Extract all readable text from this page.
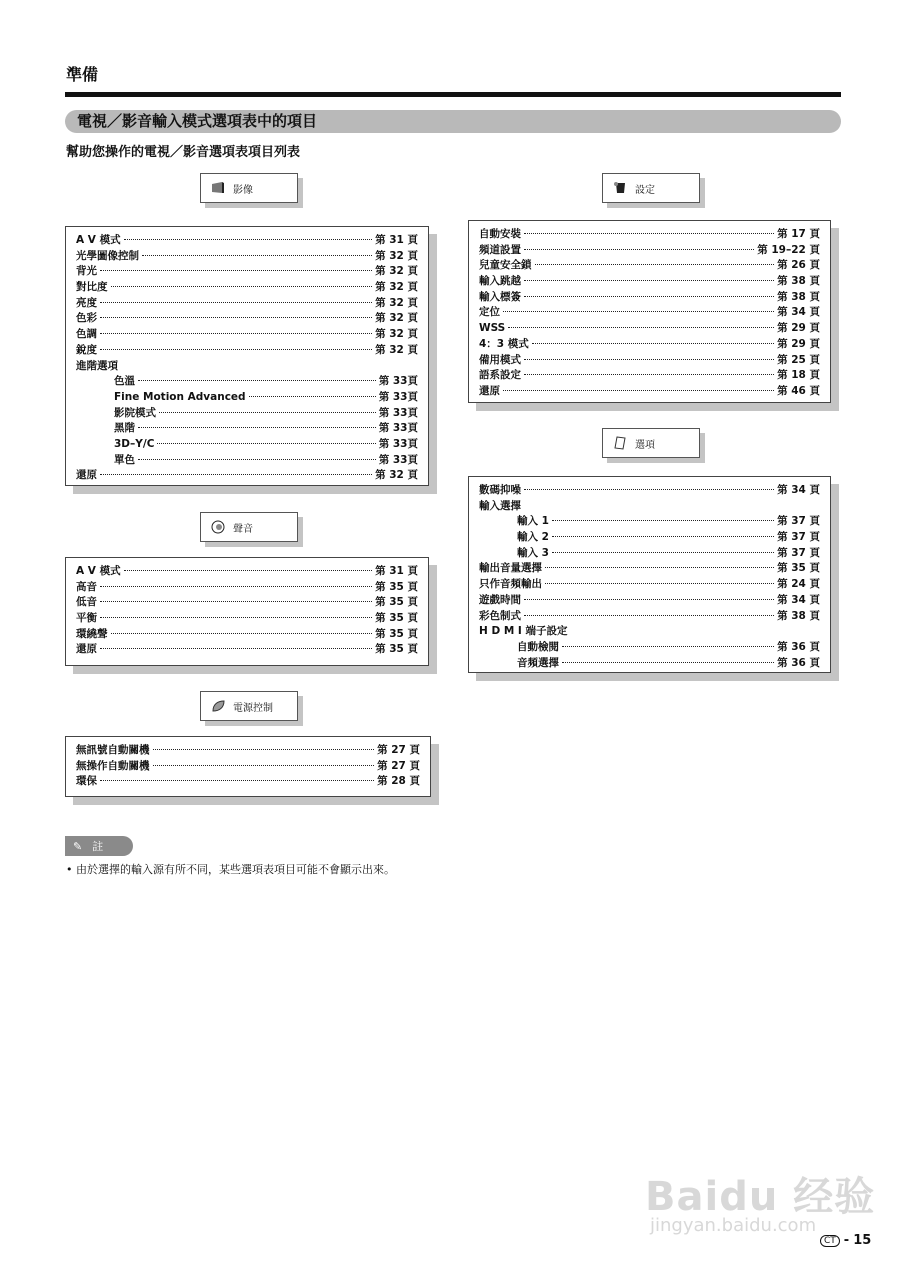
準備
電視／影音輸入模式選項表中的項目
幫助您操作的電視／影音選項表項目列表
影像
A V 模式	第 31 頁
光學圖像控制	第 32 頁
背光	第 32 頁
對比度	第 32 頁
亮度	第 32 頁
色彩	第 32 頁
色調	第 32 頁
銳度	第 32 頁
進階選項
色溫	第 33頁
Fine Motion Advanced	第 33頁
影院模式	第 33頁
黑階	第 33頁
3D–Y/C	第 33頁
單色	第 33頁
還原	第 32 頁
聲音
A V 模式	第 31 頁
高音	第 35 頁
低音	第 35 頁
平衡	第 35 頁
環繞聲	第 35 頁
還原	第 35 頁
電源控制
無訊號自動關機	第 27 頁
無操作自動關機	第 27 頁
環保	第 28 頁
設定
自動安裝	第 17 頁
頻道設置	第 19–22 頁
兒童安全鎖	第 26 頁
輸入跳越	第 38 頁
輸入標簽	第 38 頁
定位	第 34 頁
WSS	第 29 頁
4：3 模式	第 29 頁
備用模式	第 25 頁
語系設定	第 18 頁
還原	第 46 頁
選項
數碼抑噪	第 34 頁
輸入選擇
輸入 1	第 37 頁
輸入 2	第 37 頁
輸入 3	第 37 頁
輸出音量選擇	第 35 頁
只作音頻輸出	第 24 頁
遊戲時間	第 34 頁
彩色制式	第 38 頁
H D M I 端子設定
自動檢閱	第 36 頁
音頻選擇	第 36 頁
✎ 註
• 由於選擇的輸入源有所不同，某些選項表項目可能不會顯示出來。
Baidu 经验
jingyan.baidu.com
CT - 15
